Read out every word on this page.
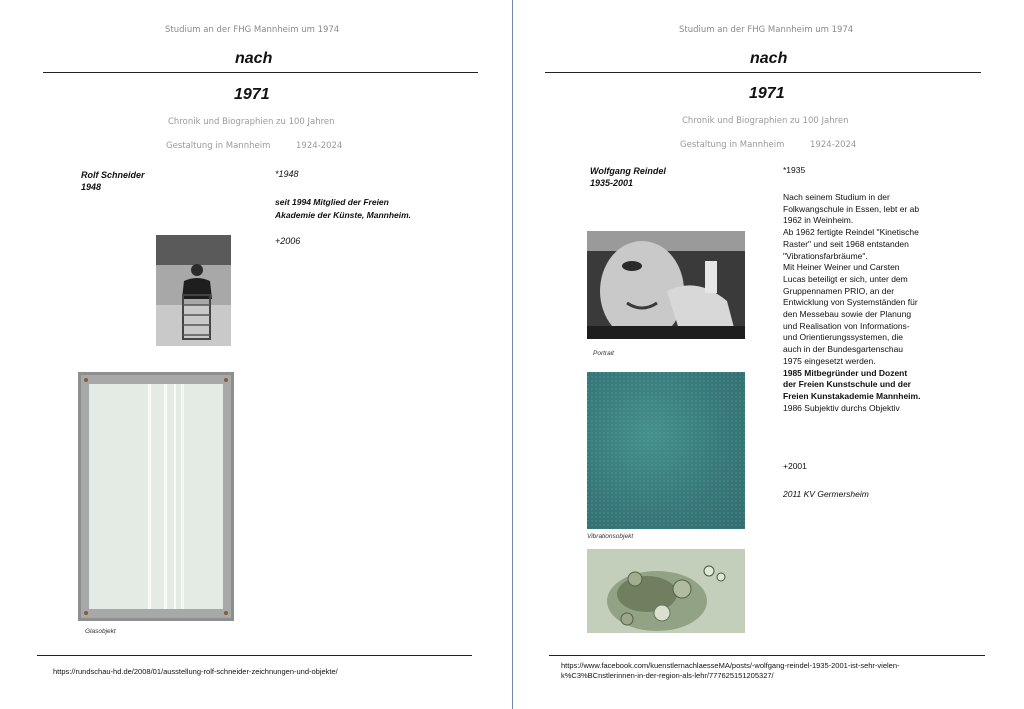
Studium an der FHG Mannheim um 1974
nach
1971
Chronik und Biographien zu 100 Jahren
Gestaltung in Mannheim	1924-2024
Rolf Schneider
1948
*1948
seit 1994 Mitglied der Freien
Akademie der Künste, Mannheim.
+2006
Glasobjekt
https://rundschau-hd.de/2008/01/ausstellung-rolf-schneider-zeichnungen-und-objekte/
Studium an der FHG Mannheim um 1974
nach
1971
Chronik und Biographien zu 100 Jahren
Gestaltung in Mannheim	1924-2024
Wolfgang Reindel
1935-2001
*1935
Nach seinem Studium in der
Folkwangschule in Essen, lebt er ab
1962 in Weinheim.
Ab 1962 fertigte Reindel "Kinetische
Raster" und seit 1968 entstanden
"Vibrationsfarbräume".
Mit Heiner Weiner und Carsten
Lucas beteiligt er sich, unter dem
Gruppennamen PRIO, an der
Entwicklung von Systemständen für
den Messebau sowie der Planung
und Realisation von Informations-
und Orientierungssystemen, die
auch in der Bundesgartenschau
1975 eingesetzt werden.
1985 Mitbegründer und Dozent
der Freien Kunstschule und der
Freien Kunstakademie Mannheim.
1986 Subjektiv durchs Objektiv
+2001
2011 KV Germersheim
Portrait
Vibrationsobjekt
https://www.facebook.com/kuenstlernachlaesseMA/posts/-wolfgang-reindel-1935-2001-ist-sehr-vielen-
k%C3%BCnstlerinnen-in-der-region-als-lehr/777625151205327/
